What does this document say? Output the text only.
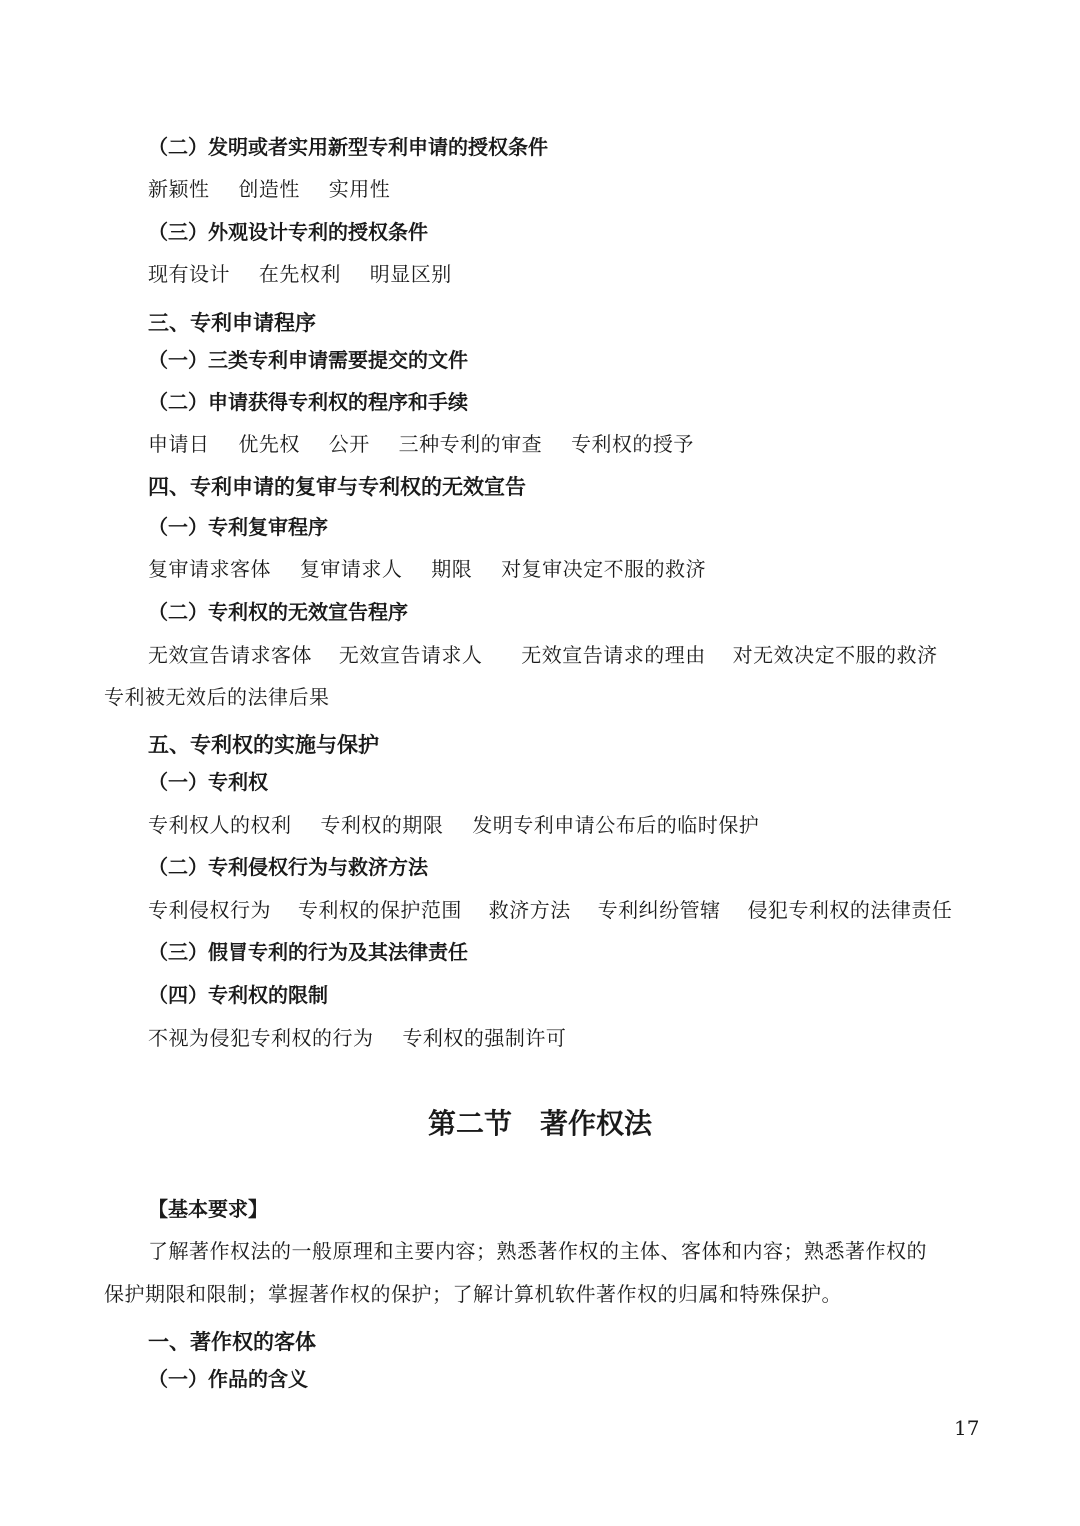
（二）发明或者实用新型专利申请的授权条件
新颖性 创造性 实用性
（三）外观设计专利的授权条件
现有设计 在先权利 明显区别
三、专利申请程序
（一）三类专利申请需要提交的文件
（二）申请获得专利权的程序和手续
申请日 优先权 公开 三种专利的审查 专利权的授予
四、专利申请的复审与专利权的无效宣告
（一）专利复审程序
复审请求客体 复审请求人 期限 对复审决定不服的救济
（二）专利权的无效宣告程序
无效宣告请求客体 无效宣告请求人 无效宣告请求的理由 对无效决定不服的救济
专利被无效后的法律后果
五、专利权的实施与保护
（一）专利权
专利权人的权利 专利权的期限 发明专利申请公布后的临时保护
（二）专利侵权行为与救济方法
专利侵权行为 专利权的保护范围 救济方法 专利纠纷管辖 侵犯专利权的法律责任
（三）假冒专利的行为及其法律责任
（四）专利权的限制
不视为侵犯专利权的行为 专利权的强制许可
第二节　著作权法
【基本要求】
了解著作权法的一般原理和主要内容；熟悉著作权的主体、客体和内容；熟悉著作权的
保护期限和限制；掌握著作权的保护；了解计算机软件著作权的归属和特殊保护。
一、著作权的客体
（一）作品的含义
17
